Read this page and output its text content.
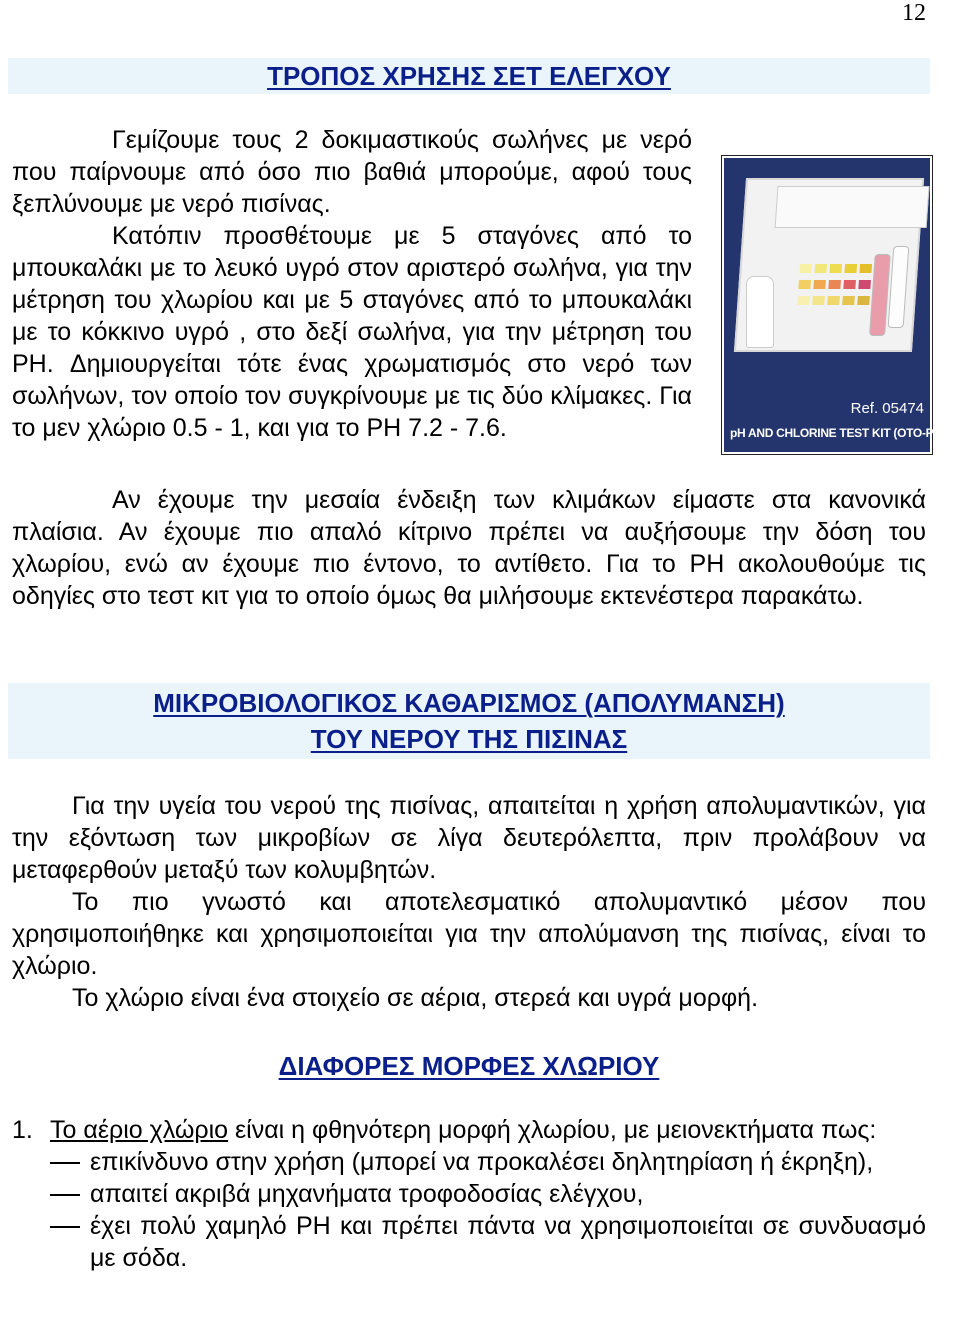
12
ΤΡΟΠΟΣ ΧΡΗΣΗΣ ΣΕΤ ΕΛΕΓΧΟΥ

Γεμίζουμε τους 2 δοκιμαστικούς σωλήνες με νερό που παίρνουμε από όσο πιο βαθιά μπορούμε, αφού τους ξεπλύνουμε με νερό πισίνας.

Κατόπιν προσθέτουμε με 5 σταγόνες από το μπουκαλάκι με το λευκό υγρό στον αριστερό σωλήνα, για την μέτρηση του χλωρίου και με 5 σταγόνες από το μπουκαλάκι με το κόκκινο υγρό , στο δεξί σωλήνα, για την μέτρηση του PH. Δημιουργείται τότε ένας χρωματισμός στο νερό των σωλήνων, τον οποίο τον συγκρίνουμε με τις δύο κλίμακες. Για το μεν χλώριο 0.5 - 1, και για το PH 7.2 - 7.6.

Ref. 05474
pH AND CHLORINE TEST KIT (OTO-PHENOL)

Αν έχουμε την μεσαία ένδειξη των κλιμάκων είμαστε στα κανονικά πλαίσια. Αν έχουμε πιο απαλό κίτρινο πρέπει να αυξήσουμε την δόση του χλωρίου, ενώ αν έχουμε πιο έντονο, το αντίθετο. Για το PH ακολουθούμε τις οδηγίες στο τεστ κιτ για το οποίο όμως θα μιλήσουμε εκτενέστερα παρακάτω.

ΜΙΚΡΟΒΙΟΛΟΓΙΚΟΣ ΚΑΘΑΡΙΣΜΟΣ (ΑΠΟΛΥΜΑΝΣΗ)
ΤΟΥ ΝΕΡΟΥ ΤΗΣ ΠΙΣΙΝΑΣ

Για την υγεία του νερού της πισίνας, απαιτείται η χρήση απολυμαντικών, για την εξόντωση των μικροβίων σε λίγα δευτερόλεπτα, πριν προλάβουν να μεταφερθούν μεταξύ των κολυμβητών.

Το πιο γνωστό και αποτελεσματικό απολυμαντικό μέσον που χρησιμοποιήθηκε και χρησιμοποιείται για την απολύμανση της πισίνας, είναι το χλώριο.

Το χλώριο είναι ένα στοιχείο σε αέρια, στερεά και υγρά μορφή.

ΔΙΑΦΟΡΕΣ ΜΟΡΦΕΣ ΧΛΩΡΙΟΥ
1. Το αέριο χλώριο είναι η φθηνότερη μορφή χλωρίου, με μειονεκτήματα πως:
επικίνδυνο στην χρήση (μπορεί να προκαλέσει δηλητηρίαση ή έκρηξη),
απαιτεί ακριβά μηχανήματα τροφοδοσίας ελέγχου,
έχει πολύ χαμηλό PH και πρέπει πάντα να χρησιμοποιείται σε συνδυασμό με σόδα.
